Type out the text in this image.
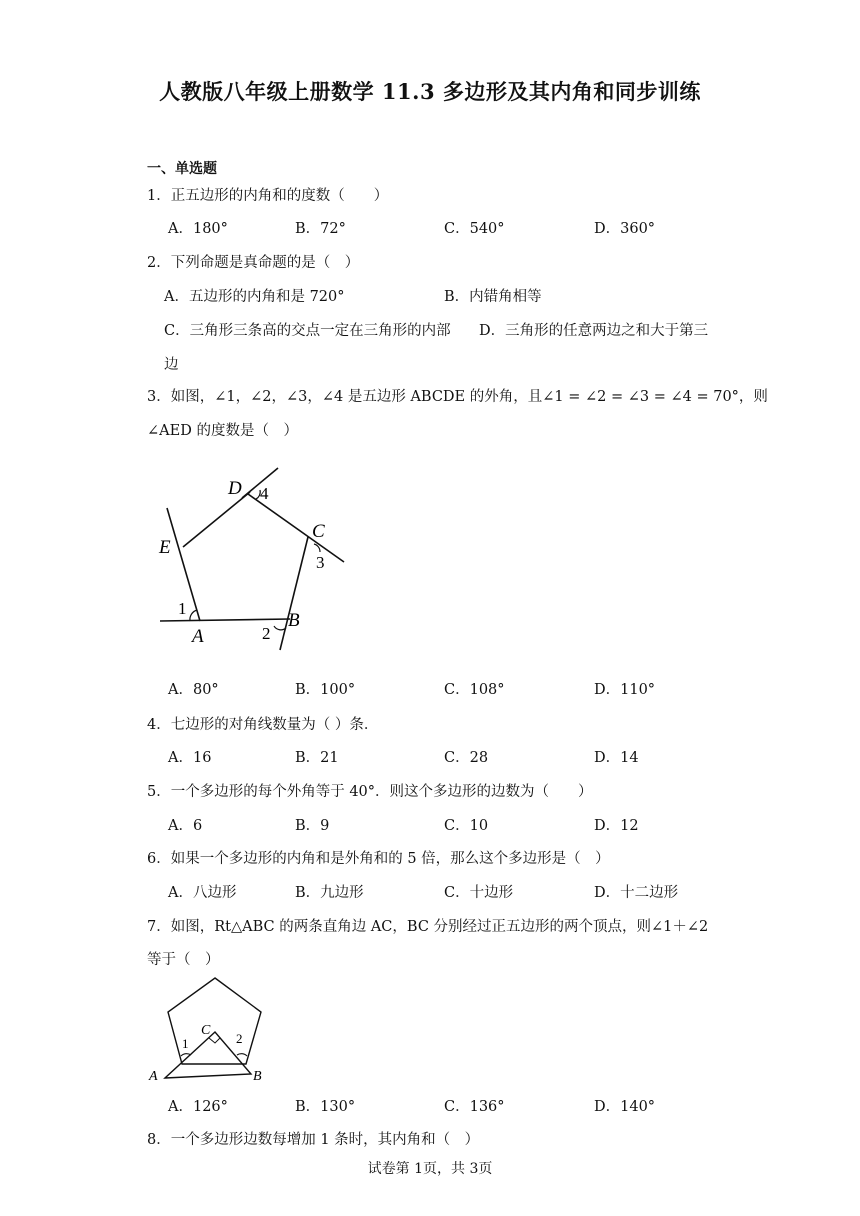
人教版八年级上册数学 11.3 多边形及其内角和同步训练
一、单选题
1．正五边形的内角和的度数（　　）
A．180°	B．72°	C．540°	D．360°
2．下列命题是真命题的是（　）
A．五边形的内角和是 720°	B．内错角相等
C．三角形三条高的交点一定在三角形的内部 D．三角形的任意两边之和大于第三
边
3．如图，∠1，∠2，∠3，∠4 是五边形 ABCDE 的外角，且∠1 = ∠2 = ∠3 = ∠4 = 70°，则
∠AED 的度数是（　）
D 4
C
E
3
1
A	2
B
A．80°	B．100°	C．108°	D．110°
4．七边形的对角线数量为（ ）条．
A．16	B．21	C．28	D．14
5．一个多边形的每个外角等于 40°．则这个多边形的边数为（　　）
A．6	B．9	C．10	D．12
6．如果一个多边形的内角和是外角和的 5 倍，那么这个多边形是（　）
A．八边形	B．九边形	C．十边形	D．十二边形
7．如图，Rt△ABC 的两条直角边 AC，BC 分别经过正五边形的两个顶点，则∠1＋∠2
等于（　）
C
1	2
A	B
A．126°	B．130°	C．136°	D．140°
8．一个多边形边数每增加 1 条时，其内角和（　）
试卷第 1页，共 3页
